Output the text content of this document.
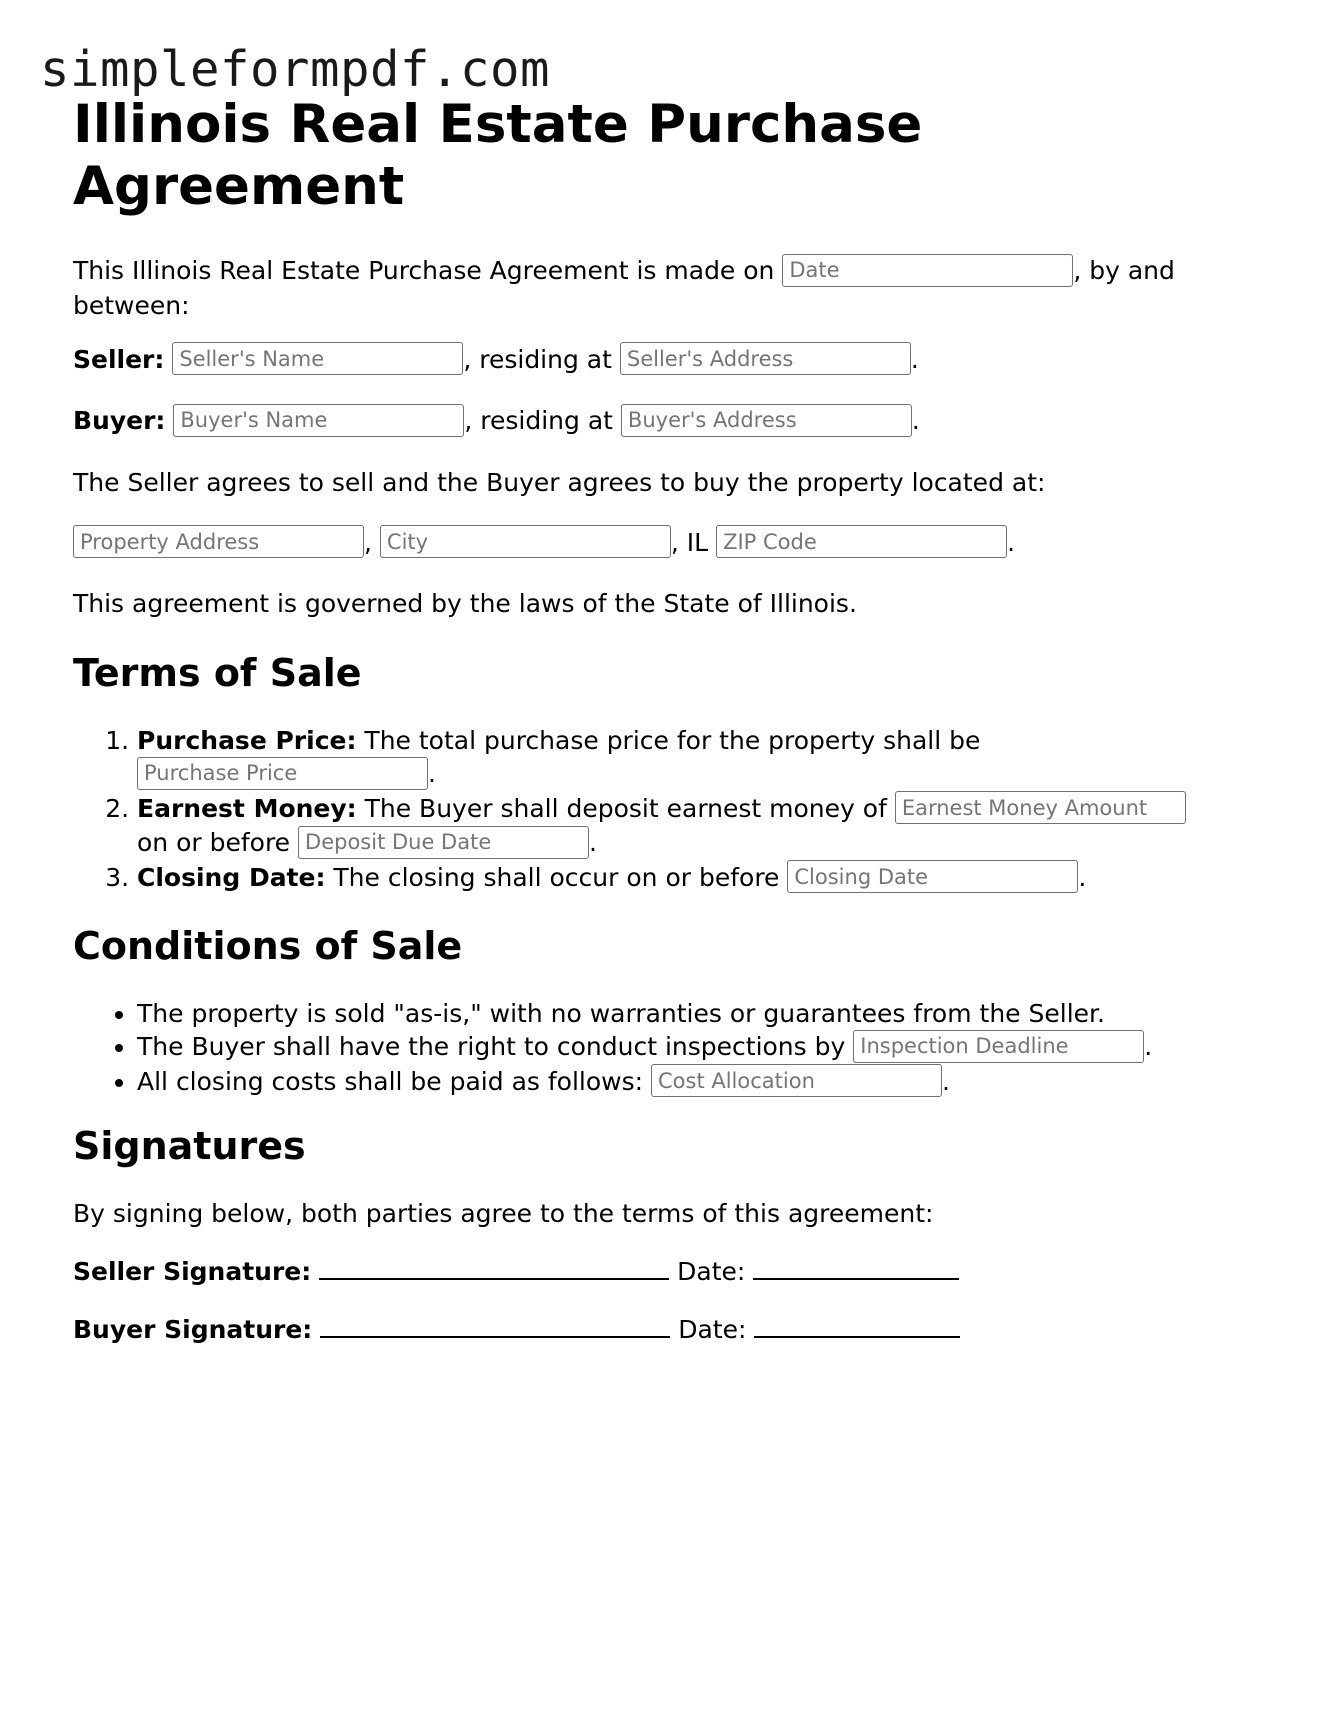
simpleformpdf.com
Illinois Real Estate Purchase Agreement

This Illinois Real Estate Purchase Agreement is made on Date	, by and between:

Seller: Seller's Name	, residing at Seller's Address	.

Buyer: Buyer's Name	, residing at Buyer's Address	.

The Seller agrees to sell and the Buyer agrees to buy the property located at:

Property Address, City	, IL ZIP Code	.

This agreement is governed by the laws of the State of Illinois.

Terms of Sale
1. Purchase Price: The total purchase price for the property shall be
Purchase Price.
2. Earnest Money: The Buyer shall deposit earnest money of Earnest Money Amount
on or before Deposit Due Date	.
3. Closing Date: The closing shall occur on or before Closing Date	.
Conditions of Sale
• The property is sold "as-is," with no warranties or guarantees from the Seller.
• The Buyer shall have the right to conduct inspections by Inspection Deadline	.
• All closing costs shall be paid as follows: Cost Allocation	.
Signatures

By signing below, both parties agree to the terms of this agreement:

Seller Signature:	Date:

Buyer Signature:	Date:
